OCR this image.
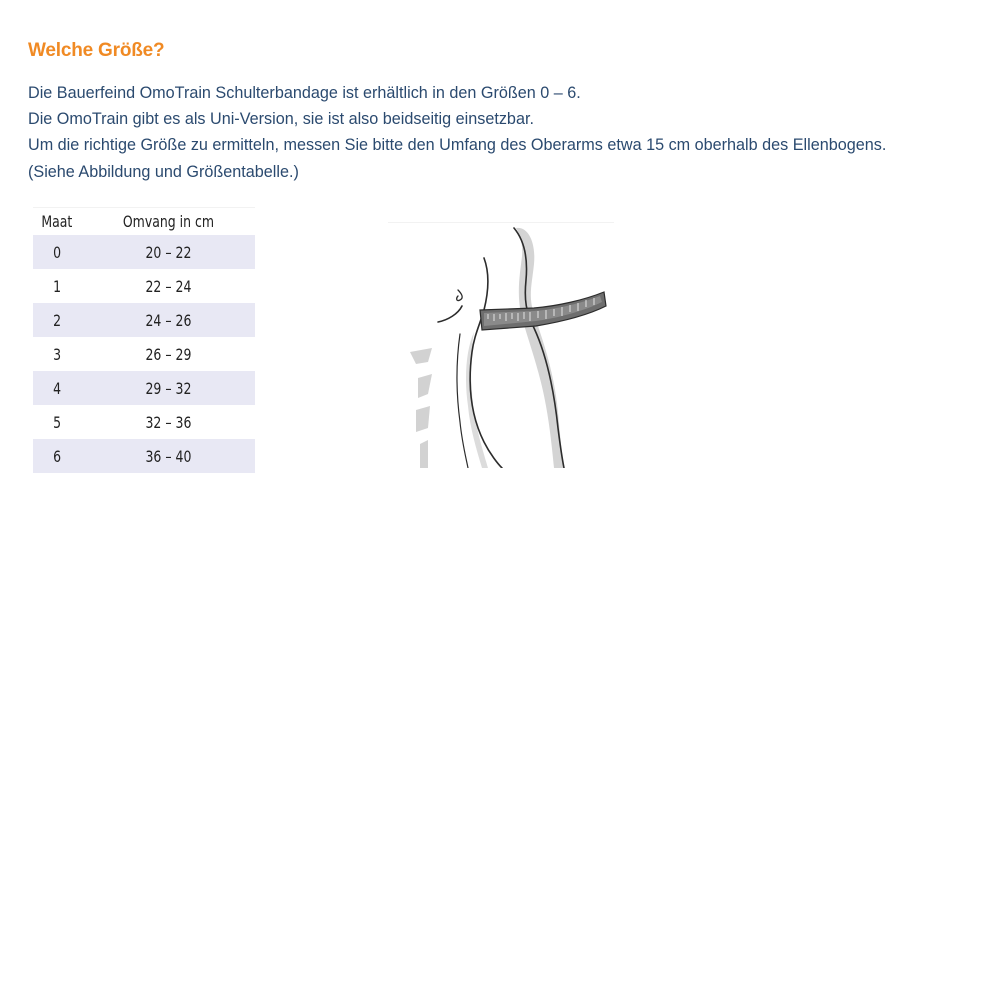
Welche Größe?

Die Bauerfeind OmoTrain Schulterbandage ist erhältlich in den Größen 0 – 6.
Die OmoTrain gibt es als Uni-Version, sie ist also beidseitig einsetzbar.
Um die richtige Größe zu ermitteln, messen Sie bitte den Umfang des Oberarms etwa 15 cm oberhalb des Ellenbogens.
(Siehe Abbildung und Größentabelle.)

Maat	Omvang in cm
0	20 – 22
1	22 – 24
2	24 – 26
3	26 – 29
4	29 – 32
5	32 – 36
6	36 – 40
